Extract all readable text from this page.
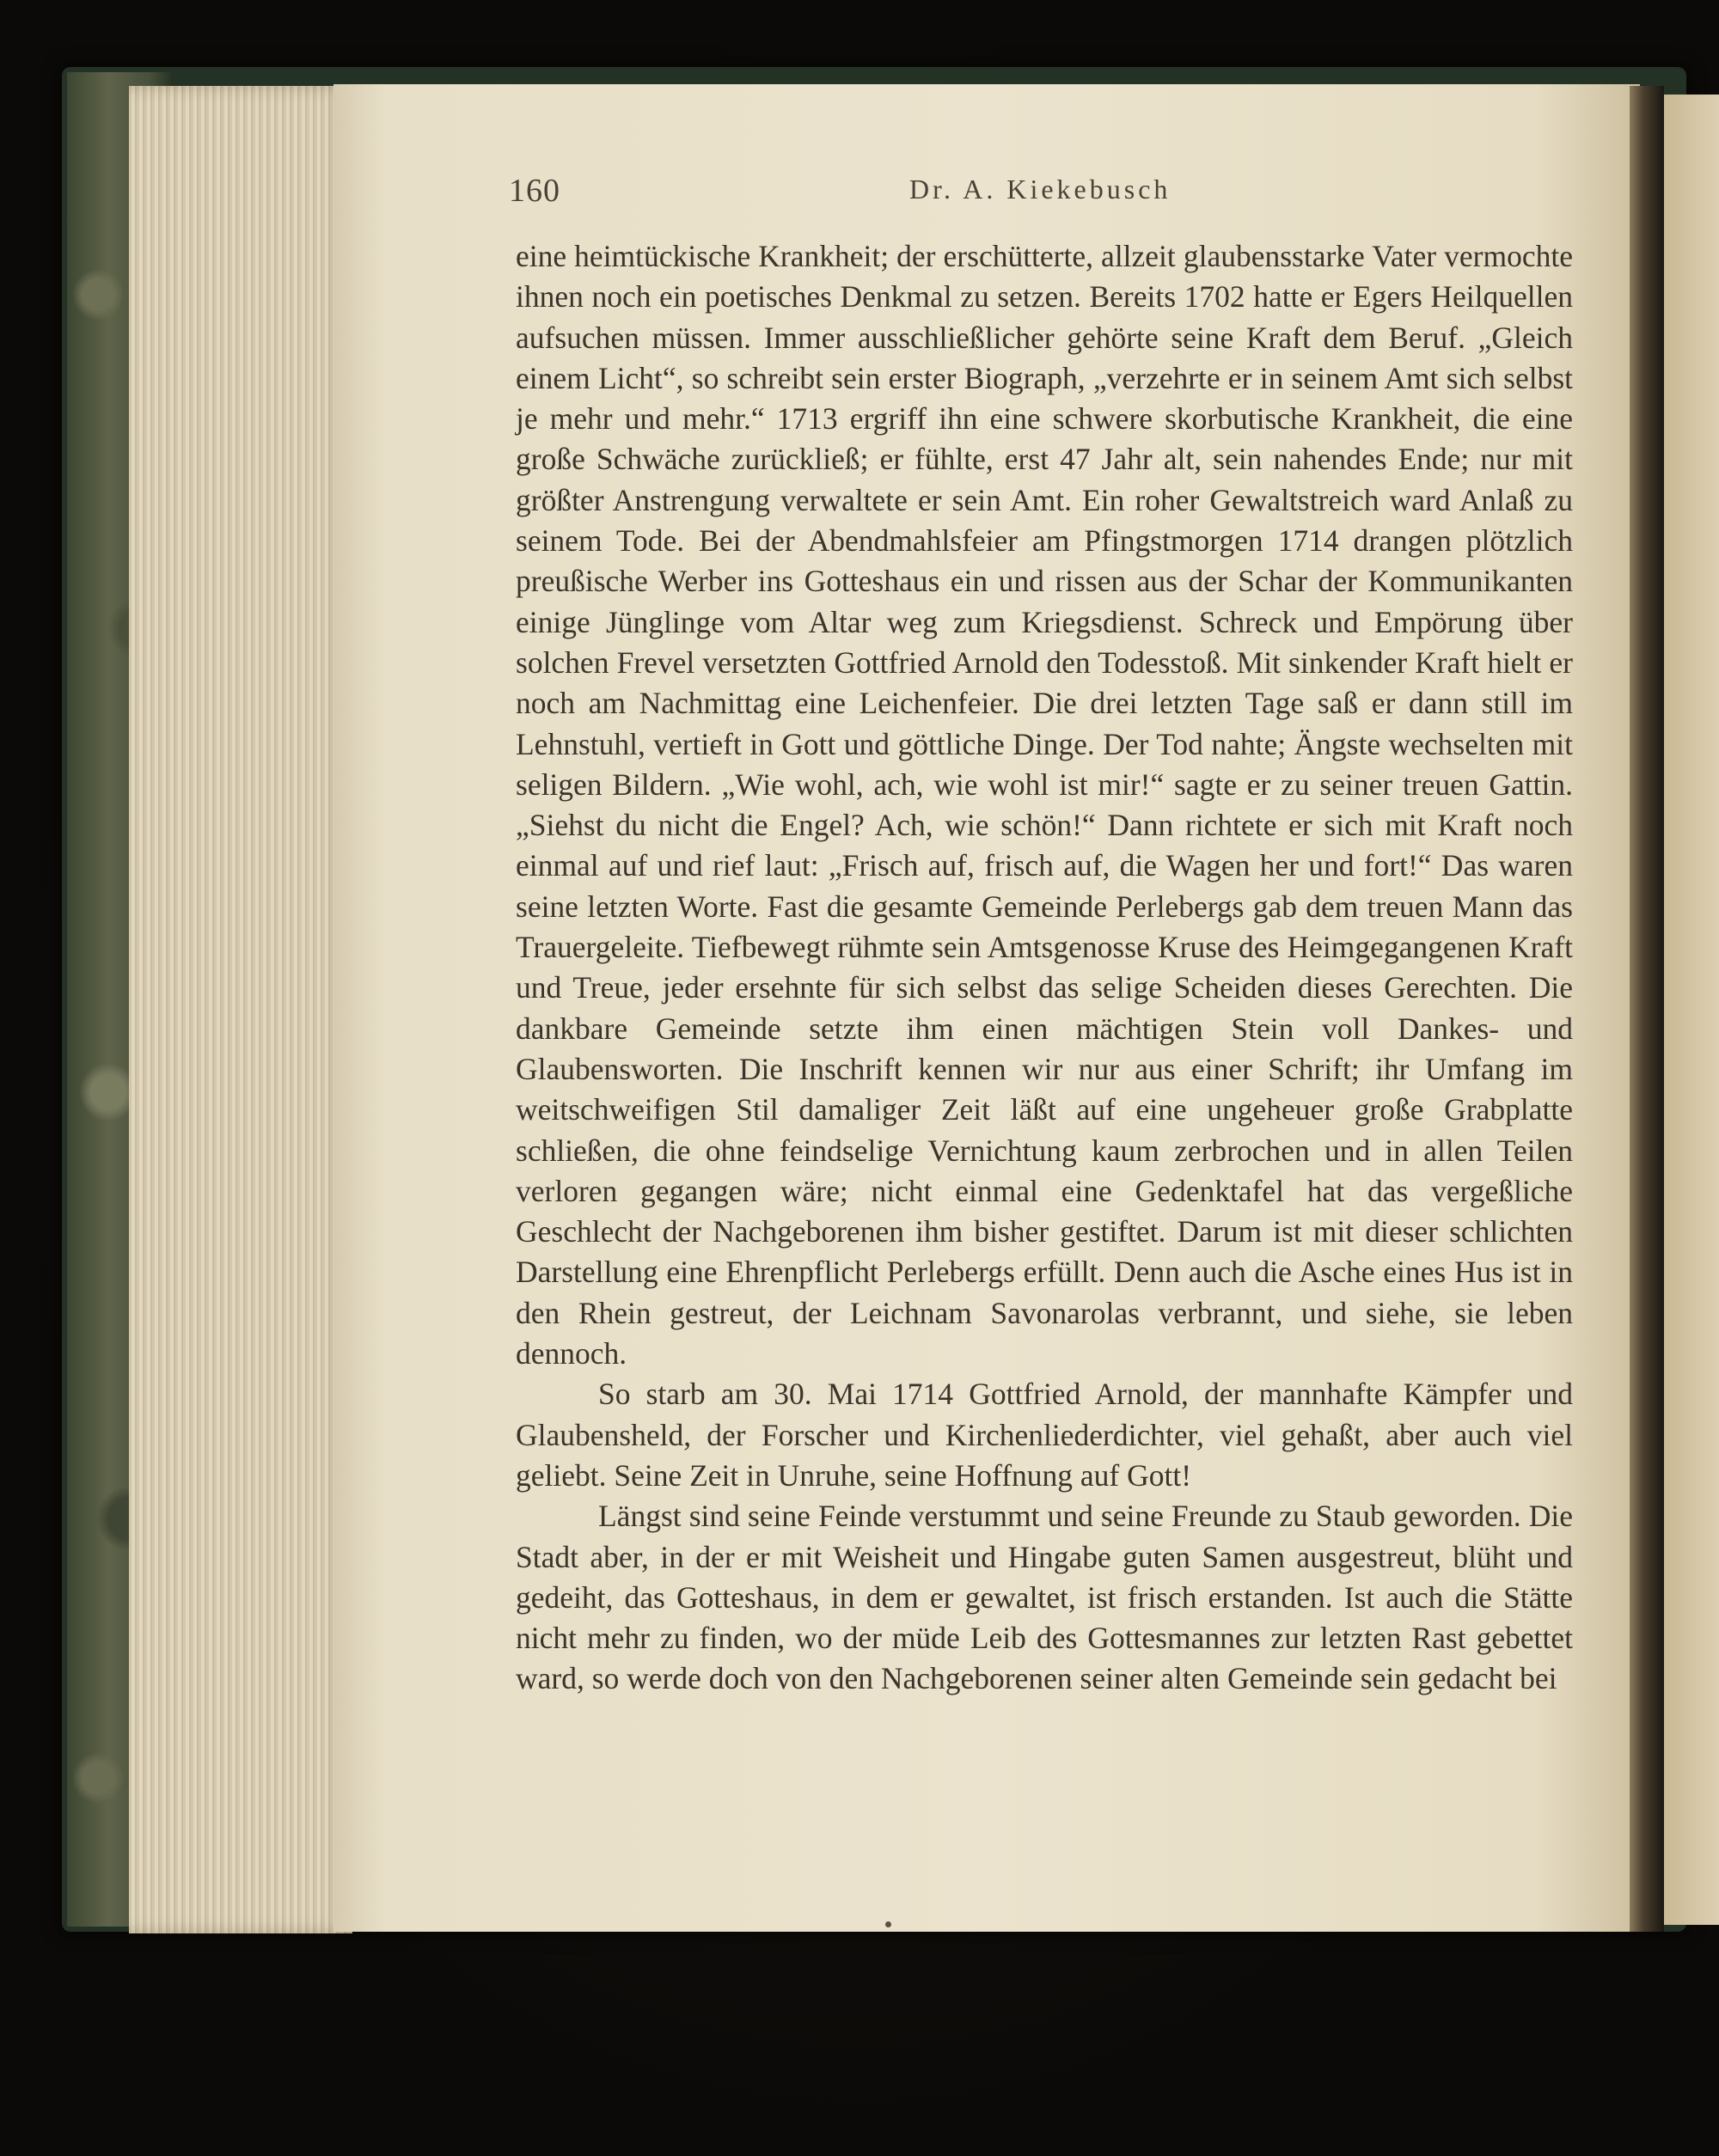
160	Dr. A. Kiekebusch

eine heimtückische Krankheit; der erschütterte, allzeit glaubensstarke Vater vermochte ihnen noch ein poetisches Denkmal zu setzen. Bereits 1702 hatte er Egers Heilquellen aufsuchen müssen. Immer ausschließlicher gehörte seine Kraft dem Beruf. „Gleich einem Licht“, so schreibt sein erster Biograph, „verzehrte er in seinem Amt sich selbst je mehr und mehr.“ 1713 ergriff ihn eine schwere skorbutische Krankheit, die eine große Schwäche zurückließ; er fühlte, erst 47 Jahr alt, sein nahendes Ende; nur mit größter Anstrengung verwaltete er sein Amt. Ein roher Gewaltstreich ward Anlaß zu seinem Tode. Bei der Abendmahlsfeier am Pfingstmorgen 1714 drangen plötzlich preußische Werber ins Gotteshaus ein und rissen aus der Schar der Kommunikanten einige Jünglinge vom Altar weg zum Kriegsdienst. Schreck und Empörung über solchen Frevel versetzten Gottfried Arnold den Todesstoß. Mit sinkender Kraft hielt er noch am Nachmittag eine Leichenfeier. Die drei letzten Tage saß er dann still im Lehnstuhl, vertieft in Gott und göttliche Dinge. Der Tod nahte; Ängste wechselten mit seligen Bildern. „Wie wohl, ach, wie wohl ist mir!“ sagte er zu seiner treuen Gattin. „Siehst du nicht die Engel? Ach, wie schön!“ Dann richtete er sich mit Kraft noch einmal auf und rief laut: „Frisch auf, frisch auf, die Wagen her und fort!“ Das waren seine letzten Worte. Fast die gesamte Gemeinde Perlebergs gab dem treuen Mann das Trauergeleite. Tiefbewegt rühmte sein Amtsgenosse Kruse des Heimgegangenen Kraft und Treue, jeder ersehnte für sich selbst das selige Scheiden dieses Gerechten. Die dankbare Gemeinde setzte ihm einen mächtigen Stein voll Dankes- und Glaubensworten. Die Inschrift kennen wir nur aus einer Schrift; ihr Umfang im weitschweifigen Stil damaliger Zeit läßt auf eine ungeheuer große Grabplatte schließen, die ohne feindselige Vernichtung kaum zerbrochen und in allen Teilen verloren gegangen wäre; nicht einmal eine Gedenktafel hat das vergeßliche Geschlecht der Nachgeborenen ihm bisher gestiftet. Darum ist mit dieser schlichten Darstellung eine Ehrenpflicht Perlebergs erfüllt. Denn auch die Asche eines Hus ist in den Rhein gestreut, der Leichnam Savonarolas verbrannt, und siehe, sie leben dennoch.

So starb am 30. Mai 1714 Gottfried Arnold, der mannhafte Kämpfer und Glaubensheld, der Forscher und Kirchenliederdichter, viel gehaßt, aber auch viel geliebt. Seine Zeit in Unruhe, seine Hoffnung auf Gott!

Längst sind seine Feinde verstummt und seine Freunde zu Staub geworden. Die Stadt aber, in der er mit Weisheit und Hingabe guten Samen ausgestreut, blüht und gedeiht, das Gotteshaus, in dem er gewaltet, ist frisch erstanden. Ist auch die Stätte nicht mehr zu finden, wo der müde Leib des Gottesmannes zur letzten Rast gebettet ward, so werde doch von den Nachgeborenen seiner alten Gemeinde sein gedacht bei
